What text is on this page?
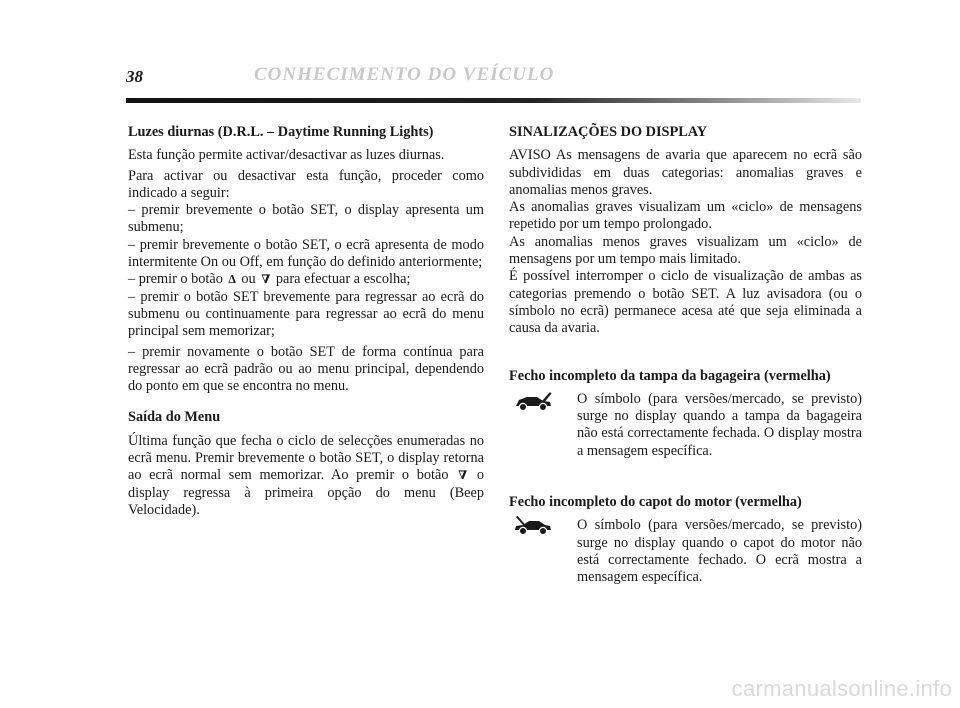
38	CONHECIMENTO DO VEÍCULO

Luzes diurnas (D.R.L. – Daytime Running Lights)

Esta função permite activar/desactivar as luzes diurnas.

Para activar ou desactivar esta função, proceder como indicado a seguir:

– premir brevemente o botão SET, o display apresenta um submenu;

– premir brevemente o botão SET, o ecrã apresenta de modo intermitente On ou Off, em função do definido anteriormente;

– premir o botão ∆ ou ∇ para efectuar a escolha;

– premir o botão SET brevemente para regressar ao ecrã do submenu ou continuamente para regressar ao ecrã do menu principal sem memorizar;

– premir novamente o botão SET de forma contínua para regressar ao ecrã padrão ou ao menu principal, dependendo do ponto em que se encontra no menu.

Saída do Menu

Última função que fecha o ciclo de selecções enumeradas no ecrã menu. Premir brevemente o botão SET, o display retorna ao ecrã normal sem memorizar. Ao premir o botão ∇ o display regressa à primeira opção do menu (Beep Velocidade).

SINALIZAÇÕES DO DISPLAY

AVISO As mensagens de avaria que aparecem no ecrã são subdivididas em duas categorias: anomalias graves e anomalias menos graves.

As anomalias graves visualizam um «ciclo» de mensagens repetido por um tempo prolongado.

As anomalias menos graves visualizam um «ciclo» de mensagens por um tempo mais limitado.

É possível interromper o ciclo de visualização de ambas as categorias premendo o botão SET. A luz avisadora (ou o símbolo no ecrã) permanece acesa até que seja eliminada a causa da avaria.

Fecho incompleto da tampa da bagageira (vermelha)

O símbolo (para versões/mercado, se previsto) surge no display quando a tampa da bagageira não está correctamente fechada. O display mostra a mensagem específica.

Fecho incompleto do capot do motor (vermelha)

O símbolo (para versões/mercado, se previsto) surge no display quando o capot do motor não está correctamente fechado. O ecrã mostra a mensagem específica.

carmanualsonline.info
